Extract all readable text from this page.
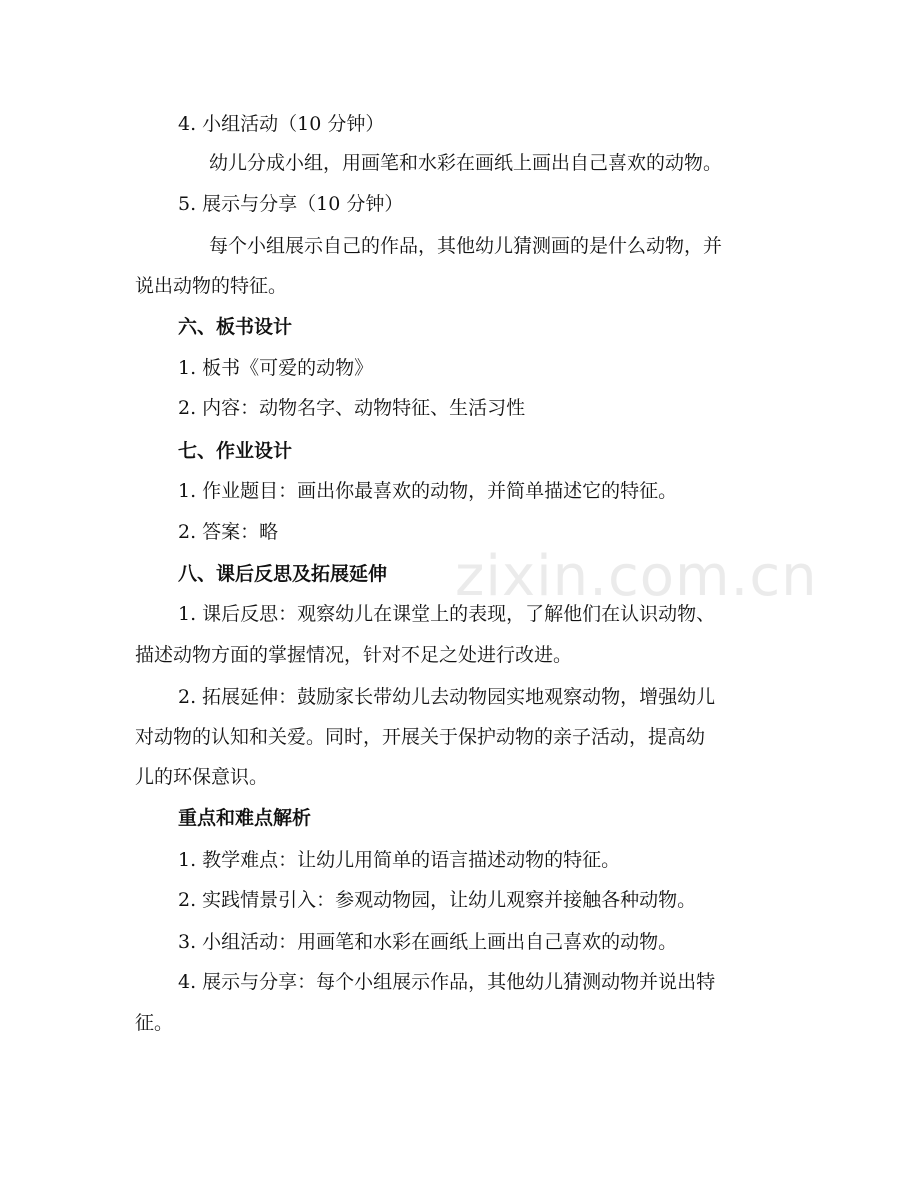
zixin.com.cn
4. 小组活动（10 分钟）
幼儿分成小组，用画笔和水彩在画纸上画出自己喜欢的动物。
5. 展示与分享（10 分钟）
每个小组展示自己的作品，其他幼儿猜测画的是什么动物，并
说出动物的特征。
六、板书设计
1. 板书《可爱的动物》
2. 内容：动物名字、动物特征、生活习性
七、作业设计
1. 作业题目：画出你最喜欢的动物，并简单描述它的特征。
2. 答案：略
八、课后反思及拓展延伸
1. 课后反思：观察幼儿在课堂上的表现，了解他们在认识动物、
描述动物方面的掌握情况，针对不足之处进行改进。
2. 拓展延伸：鼓励家长带幼儿去动物园实地观察动物，增强幼儿
对动物的认知和关爱。同时，开展关于保护动物的亲子活动，提高幼
儿的环保意识。
重点和难点解析
1. 教学难点：让幼儿用简单的语言描述动物的特征。
2. 实践情景引入：参观动物园，让幼儿观察并接触各种动物。
3. 小组活动：用画笔和水彩在画纸上画出自己喜欢的动物。
4. 展示与分享：每个小组展示作品，其他幼儿猜测动物并说出特
征。
